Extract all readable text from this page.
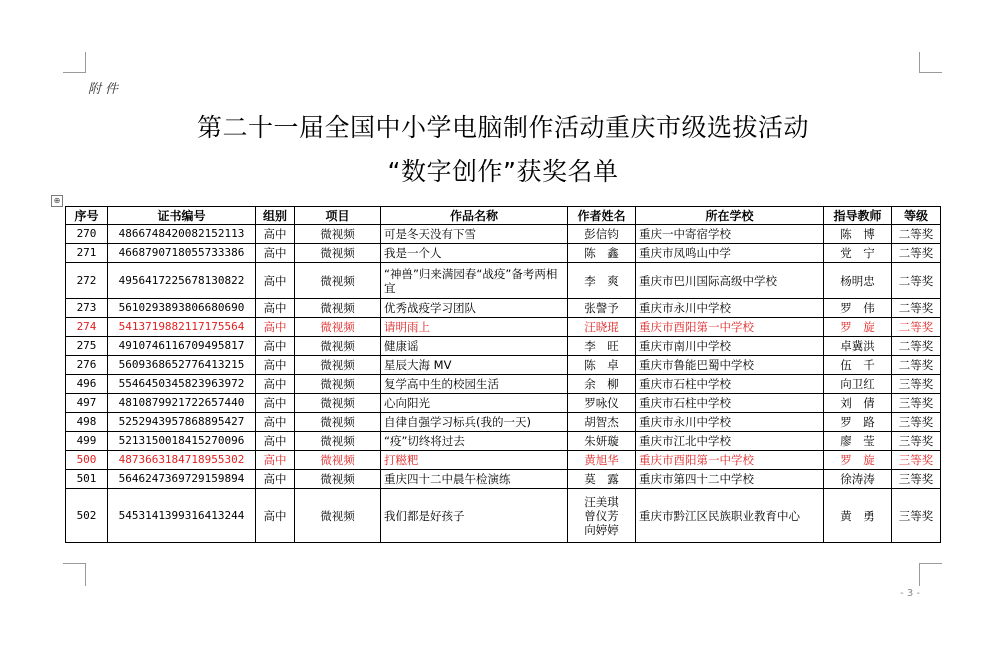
附件
第二十一届全国中小学电脑制作活动重庆市级选拔活动
“数字创作”获奖名单
⊕
序号	证书编号	组别	项目	作品名称	作者姓名	所在学校	指导教师	等级
270	4866748420082152113	高中	微视频	可是冬天没有下雪	彭信钧	重庆一中寄宿学校	陈　博	二等奖
271	4668790718055733386	高中	微视频	我是一个人	陈　鑫	重庆市凤鸣山中学	党　宁	二等奖
272	4956417225678130822	高中	微视频	“神兽”归来满园春“战疫”备考两相宜	李　爽	重庆市巴川国际高级中学校	杨明忠	二等奖
273	5610293893806680690	高中	微视频	优秀战疫学习团队	张謦予	重庆市永川中学校	罗　伟	二等奖
274	5413719882117175564	高中	微视频	请明雨上	汪晓琨	重庆市酉阳第一中学校	罗　旋	二等奖
275	4910746116709495817	高中	微视频	健康谣	李　旺	重庆市南川中学校	卓冀洪	二等奖
276	5609368652776413215	高中	微视频	星辰大海 MV	陈　卓	重庆市鲁能巴蜀中学校	伍　千	二等奖
496	5546450345823963972	高中	微视频	复学高中生的校园生活	余　柳	重庆市石柱中学校	向卫红	三等奖
497	4810879921722657440	高中	微视频	心向阳光	罗咏仪	重庆市石柱中学校	刘　倩	三等奖
498	5252943957868895427	高中	微视频	自律自强学习标兵(我的一天)	胡智杰	重庆市永川中学校	罗　路	三等奖
499	5213150018415270096	高中	微视频	“疫”切终将过去	朱妍璇	重庆市江北中学校	廖　莹	三等奖
500	4873663184718955302	高中	微视频	打糍粑	黄旭华	重庆市酉阳第一中学校	罗　旋	三等奖
501	5646247369729159894	高中	微视频	重庆四十二中晨午检演练	莫　露	重庆市第四十二中学校	徐涛涛	三等奖
502	5453141399316413244	高中	微视频	我们都是好孩子	汪美琪
曾仪芳
向婷婷	重庆市黔江区民族职业教育中心	黄　勇	三等奖
- 3 -
